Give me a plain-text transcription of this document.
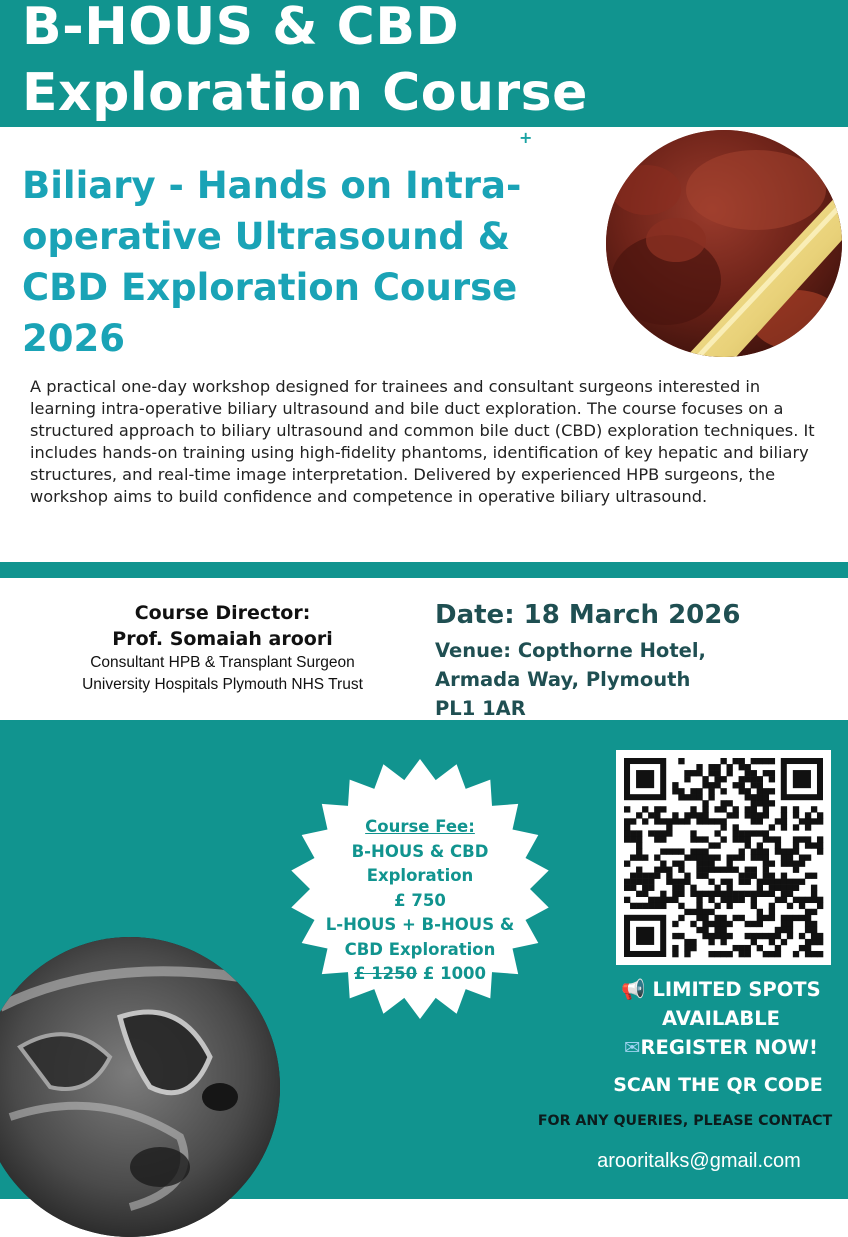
B-HOUS & CBD
Exploration Course
+
Biliary - Hands on Intra-
operative Ultrasound &
CBD Exploration Course
2026
A practical one-day workshop designed for trainees and consultant surgeons interested in learning intra-operative biliary ultrasound and bile duct exploration. The course focuses on a structured approach to biliary ultrasound and common bile duct (CBD) exploration techniques. It includes hands-on training using high-fidelity phantoms, identification of key hepatic and biliary structures, and real-time image interpretation. Delivered by experienced HPB surgeons, the workshop aims to build confidence and competence in operative biliary ultrasound.
Course Director:
Prof. Somaiah aroori
Consultant HPB & Transplant Surgeon
University Hospitals Plymouth NHS Trust
Date: 18 March 2026
Venue: Copthorne Hotel,
Armada Way, Plymouth
PL1 1AR
Course Fee:
B-HOUS & CBD
Exploration
£ 750
L-HOUS + B-HOUS &
CBD Exploration
£ 1250 £ 1000
📢 LIMITED SPOTS
AVAILABLE
✉REGISTER NOW!
SCAN THE QR CODE
FOR ANY QUERIES, PLEASE CONTACT
arooritalks@gmail.com
